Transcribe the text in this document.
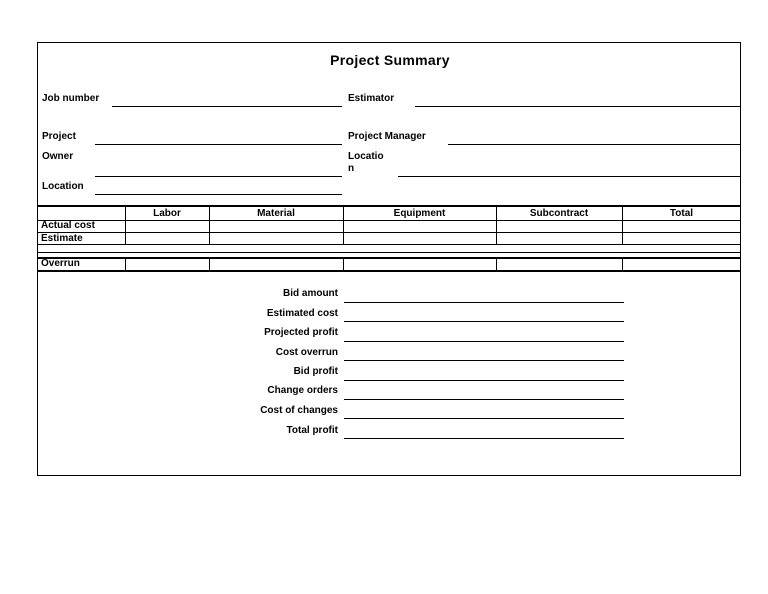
Project Summary
Job number	Estimator
Project	Project Manager
Owner	Locatio
n
Location
Labor	Material	Equipment	Subcontract	Total
Actual cost
Estimate
Overrun
Bid amount
Estimated cost
Projected profit
Cost overrun
Bid profit
Change orders
Cost of changes
Total profit
